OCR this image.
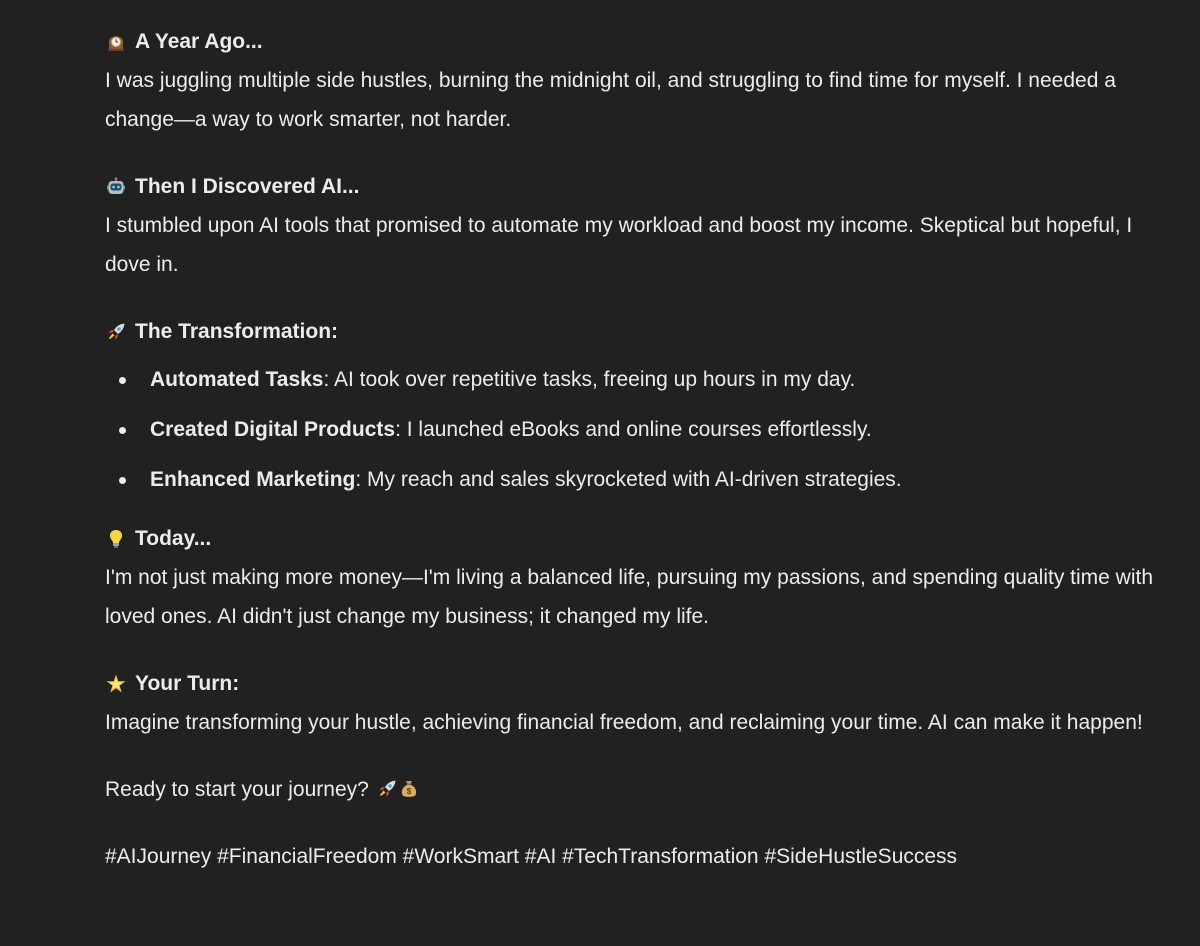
A Year Ago...

I was juggling multiple side hustles, burning the midnight oil, and struggling to find time for myself. I needed a change—a way to work smarter, not harder.

Then I Discovered AI...

I stumbled upon AI tools that promised to automate my workload and boost my income. Skeptical but hopeful, I dove in.

The Transformation:
Automated Tasks: AI took over repetitive tasks, freeing up hours in my day.
Created Digital Products: I launched eBooks and online courses effortlessly.
Enhanced Marketing: My reach and sales skyrocketed with AI-driven strategies.
Today...

I'm not just making more money—I'm living a balanced life, pursuing my passions, and spending quality time with loved ones. AI didn't just change my business; it changed my life.

Your Turn:

Imagine transforming your hustle, achieving financial freedom, and reclaiming your time. AI can make it happen!

Ready to start your journey?	$

#AIJourney #FinancialFreedom #WorkSmart #AI #TechTransformation #SideHustleSuccess
